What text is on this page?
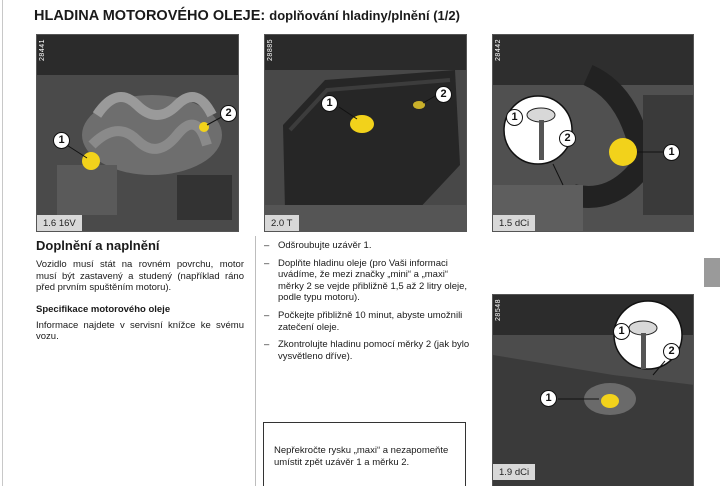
HLADINA MOTOROVÉHO OLEJE: doplňování hladiny/plnění (1/2)
28441
1
2
1.6 16V
28885
1
2
2.0 T
28442
1
2
1
1.5 dCi
28548
1
2
1
1.9 dCi
Doplnění a naplnění
Vozidlo musí stát na rovném povrchu, motor musí být zastavený a studený (například ráno před prvním spuštěním motoru).
Specifikace motorového oleje
Informace najdete v servisní knížce ke svému vozu.
– Odšroubujte uzávěr 1.
– Doplňte hladinu oleje (pro Vaši informaci uvádíme, že mezi značky „mini“ a „maxi“ měrky 2 se vejde přibližně 1,5 až 2 litry oleje, podle typu motoru).
– Počkejte přibližně 10 minut, abyste umožnili zatečení oleje.
– Zkontrolujte hladinu pomocí měrky 2 (jak bylo vysvětleno dříve).
Nepřekročte rysku „maxi“ a nezapomeňte umístit zpět uzávěr 1 a měrku 2.
